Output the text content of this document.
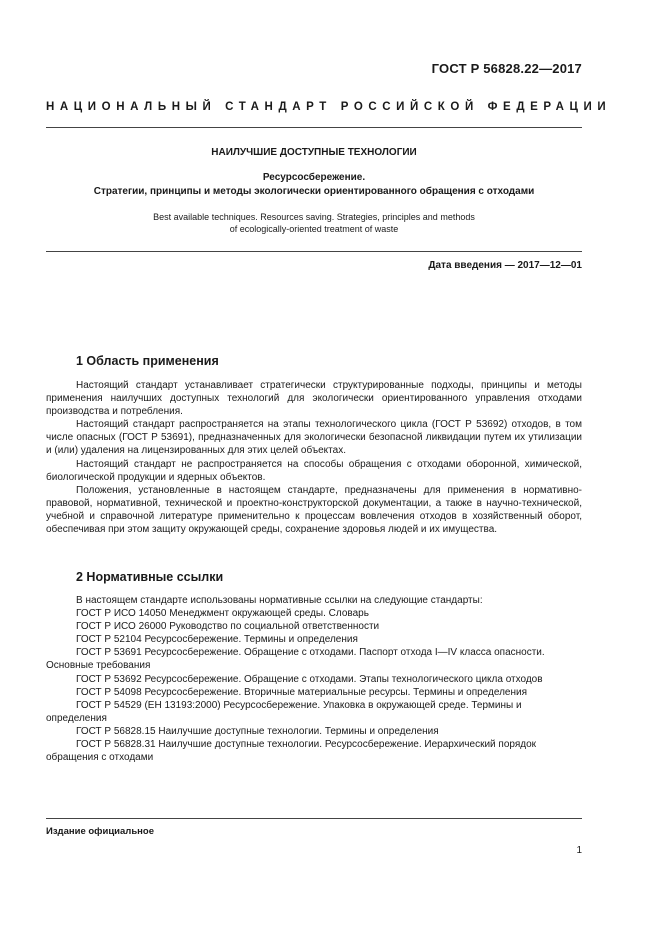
ГОСТ Р 56828.22—2017
НАЦИОНАЛЬНЫЙ СТАНДАРТ РОССИЙСКОЙ ФЕДЕРАЦИИ
НАИЛУЧШИЕ ДОСТУПНЫЕ ТЕХНОЛОГИИ
Ресурсосбережение.
Стратегии, принципы и методы экологически ориентированного обращения с отходами
Best available techniques. Resources saving. Strategies, principles and methods
of ecologically-oriented treatment of waste
Дата введения — 2017—12—01
1 Область применения

Настоящий стандарт устанавливает стратегически структурированные подходы, принципы и методы применения наилучших доступных технологий для экологически ориентированного управления отходами производства и потребления.

Настоящий стандарт распространяется на этапы технологического цикла (ГОСТ Р 53692) отходов, в том числе опасных (ГОСТ Р 53691), предназначенных для экологически безопасной ликвидации путем их утилизации и (или) удаления на лицензированных для этих целей объектах.

Настоящий стандарт не распространяется на способы обращения с отходами оборонной, химической, биологической продукции и ядерных объектов.

Положения, установленные в настоящем стандарте, предназначены для применения в нормативно-правовой, нормативной, технической и проектно-конструкторской документации, а также в научно-технической, учебной и справочной литературе применительно к процессам вовлечения отходов в хозяйственный оборот, обеспечивая при этом защиту окружающей среды, сохранение здоровья людей и их имущества.

2 Нормативные ссылки

В настоящем стандарте использованы нормативные ссылки на следующие стандарты:

ГОСТ Р ИСО 14050 Менеджмент окружающей среды. Словарь

ГОСТ Р ИСО 26000 Руководство по социальной ответственности

ГОСТ Р 52104 Ресурсосбережение. Термины и определения

ГОСТ Р 53691 Ресурсосбережение. Обращение с отходами. Паспорт отхода I—IV класса опасности. Основные требования

ГОСТ Р 53692 Ресурсосбережение. Обращение с отходами. Этапы технологического цикла отходов

ГОСТ Р 54098 Ресурсосбережение. Вторичные материальные ресурсы. Термины и определения

ГОСТ Р 54529 (ЕН 13193:2000) Ресурсосбережение. Упаковка в окружающей среде. Термины и определения

ГОСТ Р 56828.15 Наилучшие доступные технологии. Термины и определения

ГОСТ Р 56828.31 Наилучшие доступные технологии. Ресурсосбережение. Иерархический порядок обращения с отходами

Издание официальное
1
